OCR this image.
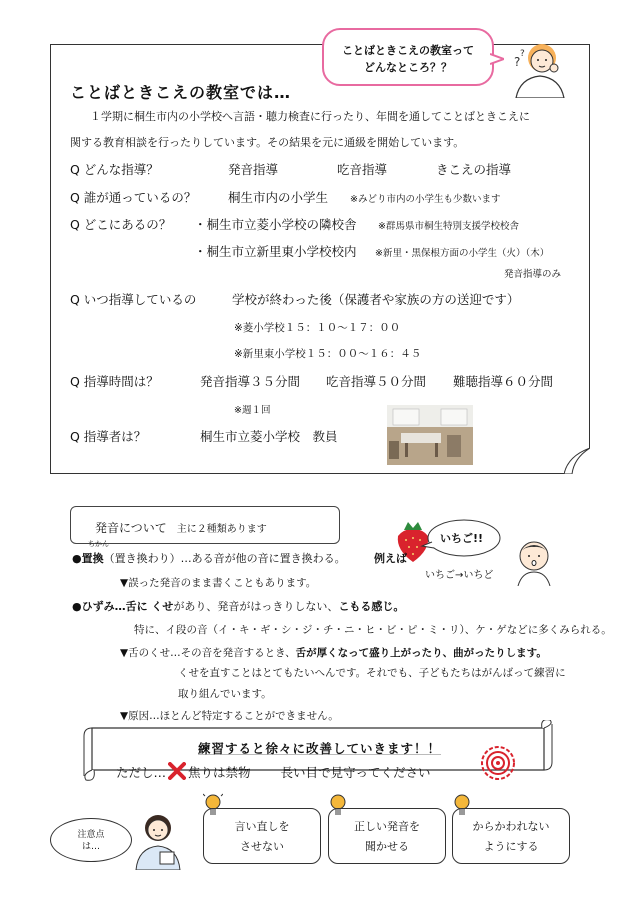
ことばときこえの教室って
どんなところ？？	?
?
ことばときこえの教室では…
１学期に桐生市内の小学校へ言語・聴力検査に行ったり、年間を通してことばときこえに
関する教育相談を行ったりしています。その結果を元に通級を開始しています。
Q どんな指導？	発音指導	吃音指導	きこえの指導
Q 誰が通っているの？	桐生市内の小学生 ※みどり市内の小学生も少数います
Q どこにあるの？ ・桐生市立菱小学校の隣校舎 ※群馬県市桐生特別支援学校校舎
・桐生市立新里東小学校校内 ※新里・黒保根方面の小学生（火）（木）
発音指導のみ
Q いつ指導しているの	学校が終わった後（保護者や家族の方の送迎です）
※菱小学校１５：１０～１７：００
※新里東小学校１５：００～１６：４５
Q 指導時間は？	発音指導３５分間 吃音指導５０分間 難聴指導６０分間
※週１回
Q 指導者は？	桐生市立菱小学校　教員
発音について 主に２種類あります
いちご!!
いちご→いちど
ちかん
●置換（置き換わり）…ある音が他の音に置き換わる。	例えば
▼誤った発音のまま書くこともあります。
●ひずみ…舌に くせがあり、発音がはっきりしない、こもる感じ。
特に、イ段の音（イ・キ・ギ・シ・ジ・チ・ニ・ヒ・ビ・ピ・ミ・リ）、ケ・ゲなどに多くみられる。
▼舌のくせ…その音を発音するとき、舌が厚くなって盛り上がったり、曲がったりします。
くせを直すことはとてもたいへんです。それでも、子どもたちはがんばって練習に
取り組んでいます。
▼原因…ほとんど特定することができません。
練習すると徐々に改善していきます！！
ただし… 焦りは禁物 長い目で見守ってください
注意点
は…
言い直しを
させない
正しい発音を
聞かせる
からかわれない
ようにする
